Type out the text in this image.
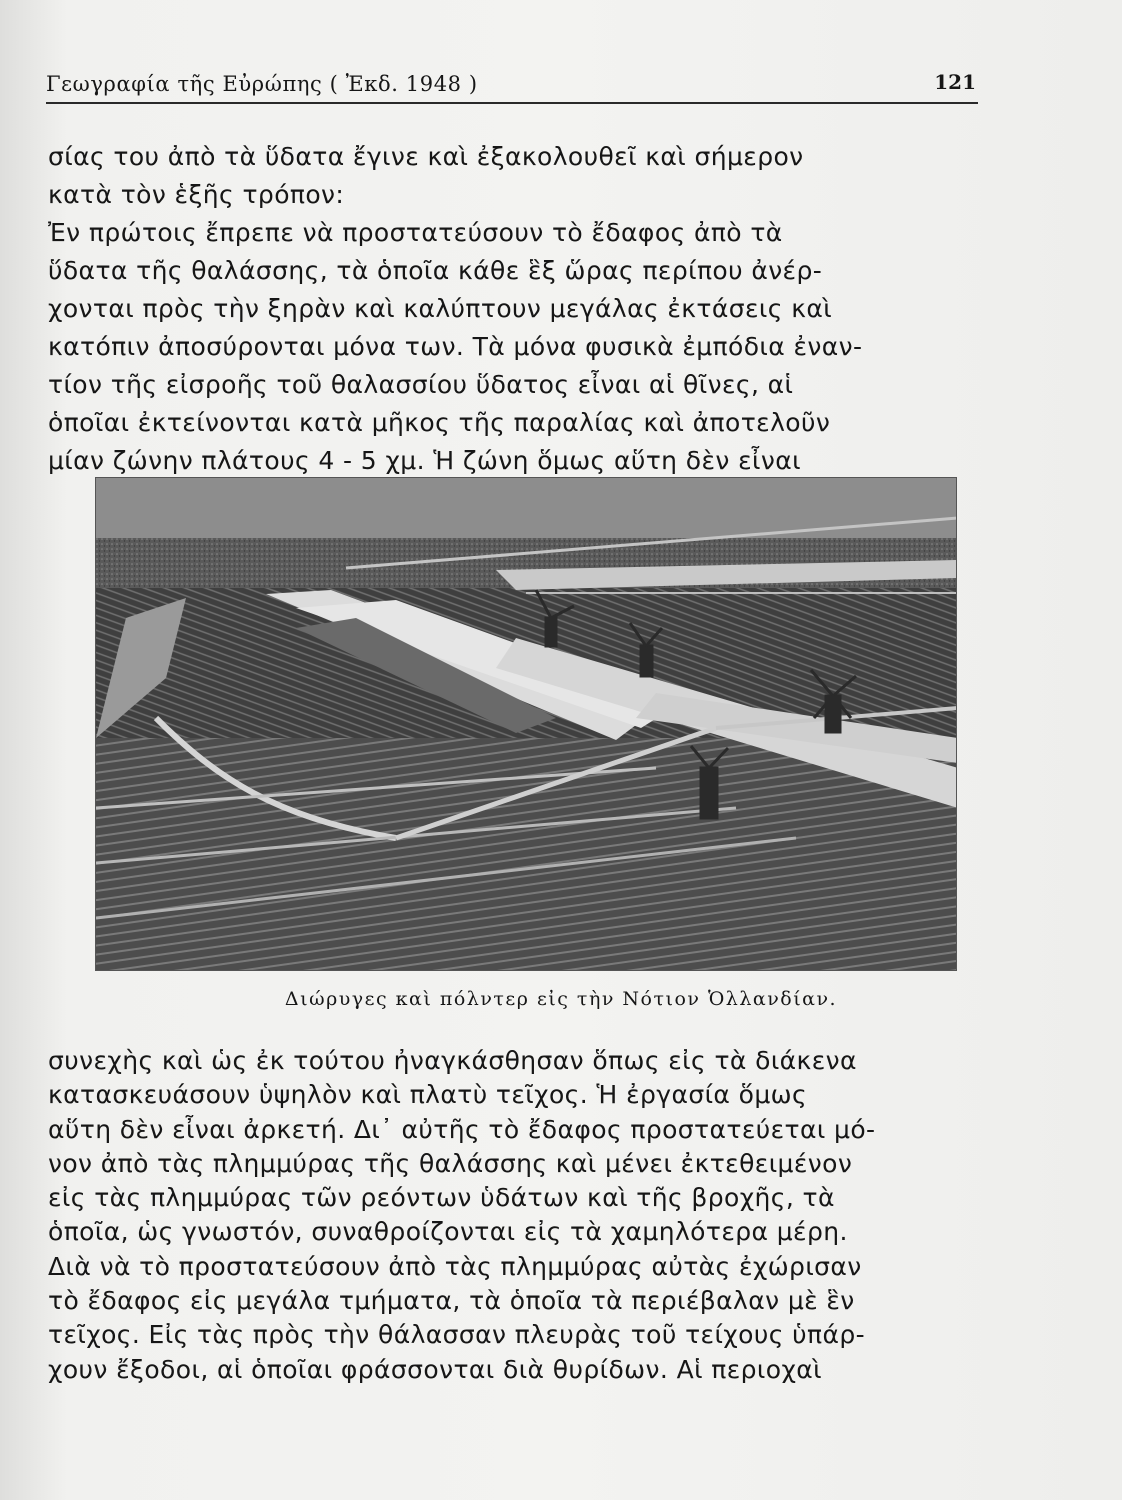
Γεωγραφία τῆς Εὐρώπης ( Ἐκδ. 1948 )	121
σίας του ἀπὸ τὰ ὕδατα ἔγινε καὶ ἐξακολουθεῖ καὶ σήμερον
κατὰ τὸν ἑξῆς τρόπον:
Ἐν πρώτοις ἔπρεπε νὰ προστατεύσουν τὸ ἔδαφος ἀπὸ τὰ
ὕδατα τῆς θαλάσσης, τὰ ὁποῖα κάθε ἓξ ὥρας περίπου ἀνέρ-
χονται πρὸς τὴν ξηρὰν καὶ καλύπτουν μεγάλας ἐκτάσεις καὶ
κατόπιν ἀποσύρονται μόνα των. Τὰ μόνα φυσικὰ ἐμπόδια ἐναν-
τίον τῆς εἰσροῆς τοῦ θαλασσίου ὕδατος εἶναι αἱ θῖνες, αἱ
ὁποῖαι ἐκτείνονται κατὰ μῆκος τῆς παραλίας καὶ ἀποτελοῦν
μίαν ζώνην πλάτους 4 - 5 χμ. Ἡ ζώνη ὅμως αὕτη δὲν εἶναι
Διώρυγες καὶ πόλντερ εἰς τὴν Νότιον Ὁλλανδίαν.
συνεχὴς καὶ ὡς ἐκ τούτου ἠναγκάσθησαν ὅπως εἰς τὰ διάκενα
κατασκευάσουν ὑψηλὸν καὶ πλατὺ τεῖχος. Ἡ ἐργασία ὅμως
αὕτη δὲν εἶναι ἀρκετή. Δι᾽ αὐτῆς τὸ ἔδαφος προστατεύεται μό-
νον ἀπὸ τὰς πλημμύρας τῆς θαλάσσης καὶ μένει ἐκτεθειμένον
εἰς τὰς πλημμύρας τῶν ρεόντων ὑδάτων καὶ τῆς βροχῆς, τὰ
ὁποῖα, ὡς γνωστόν, συναθροίζονται εἰς τὰ χαμηλότερα μέρη.
Διὰ νὰ τὸ προστατεύσουν ἀπὸ τὰς πλημμύρας αὐτὰς ἐχώρισαν
τὸ ἔδαφος εἰς μεγάλα τμήματα, τὰ ὁποῖα τὰ περιέβαλαν μὲ ἓν
τεῖχος. Εἰς τὰς πρὸς τὴν θάλασσαν πλευρὰς τοῦ τείχους ὑπάρ-
χουν ἔξοδοι, αἱ ὁποῖαι φράσσονται διὰ θυρίδων. Αἱ περιοχαὶ
